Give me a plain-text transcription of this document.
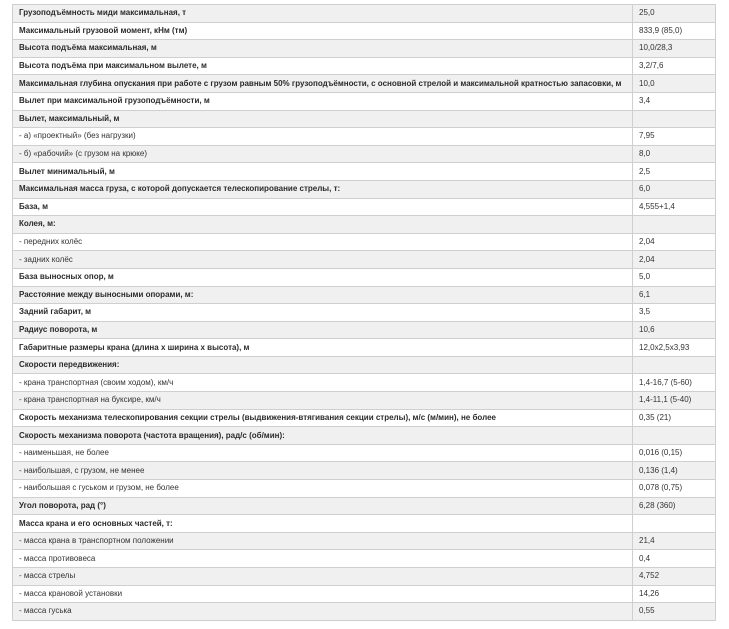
Грузоподъёмность миди максимальная, т	25,0
Максимальный грузовой момент, кНм (тм)	833,9 (85,0)
Высота подъёма максимальная, м	10,0/28,3
Высота подъёма при максимальном вылете, м	3,2/7,6
Максимальная глубина опускания при работе с грузом равным 50% грузоподъёмности, с основной стрелой и максимальной кратностью запасовки, м	10,0
Вылет при максимальной грузоподъёмности, м	3,4
Вылет, максимальный, м	
- а) «проектный» (без нагрузки)	7,95
- б) «рабочий» (с грузом на крюке)	8,0
Вылет минимальный, м	2,5
Максимальная масса груза, с которой допускается телескопирование стрелы, т:	6,0
База, м	4,555+1,4
Колея, м:	
- передних колёс	2,04
- задних колёс	2,04
База выносных опор, м	5,0
Расстояние между выносными опорами, м:	6,1
Задний габарит, м	3,5
Радиус поворота, м	10,6
Габаритные размеры крана (длина х ширина х высота), м	12,0х2,5х3,93
Скорости передвижения:	
- крана транспортная (своим ходом), км/ч	1,4-16,7 (5-60)
- крана транспортная на буксире, км/ч	1,4-11,1 (5-40)
Скорость механизма телескопирования секции стрелы (выдвижения-втягивания секции стрелы), м/с (м/мин), не более	0,35 (21)
Скорость механизма поворота (частота вращения), рад/с (об/мин):	
- наименьшая, не более	0,016 (0,15)
- наибольшая, с грузом, не менее	0,136 (1,4)
- наибольшая с гуськом и грузом, не более	0,078 (0,75)
Угол поворота, рад (°)	6,28 (360)
Масса крана и его основных частей, т:	
- масса крана в транспортном положении	21,4
- масса противовеса	0,4
- масса стрелы	4,752
- масса крановой установки	14,26
- масса гуська	0,55
